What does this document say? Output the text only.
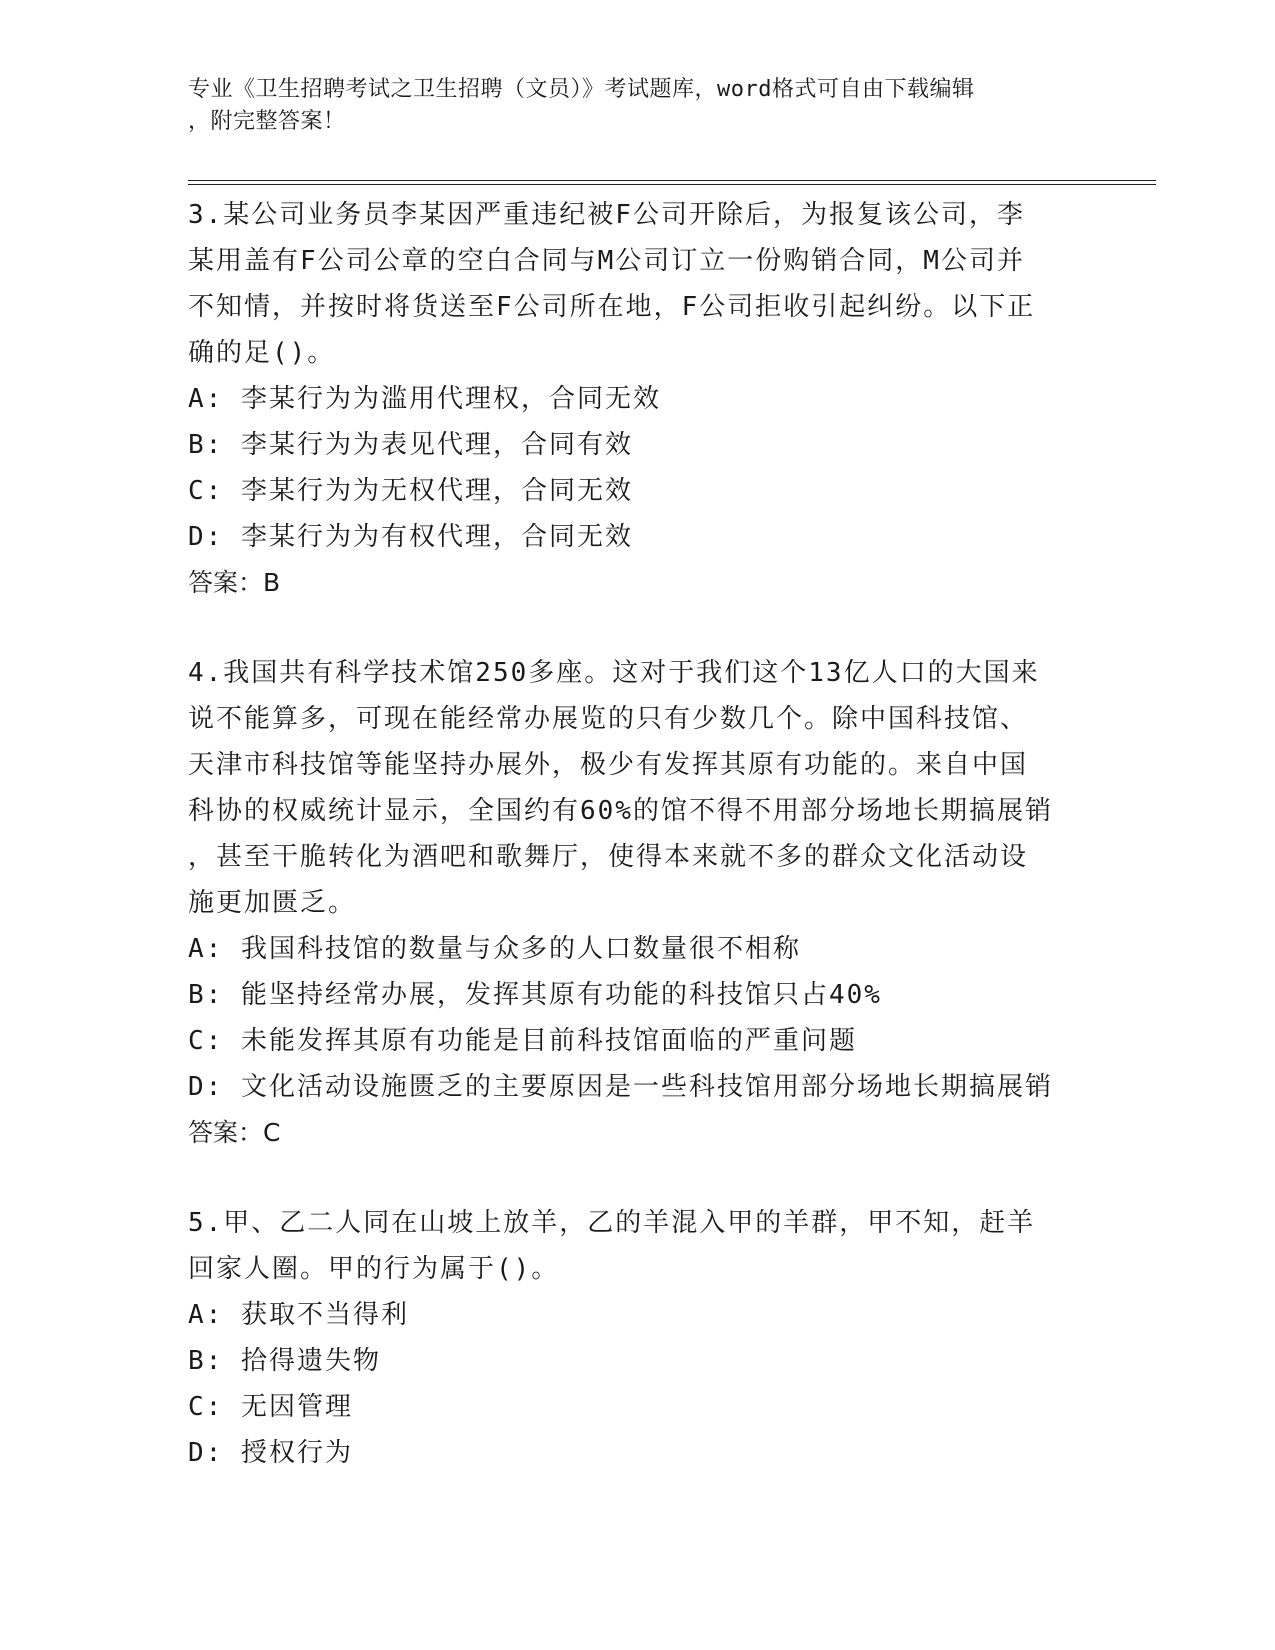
专业《卫生招聘考试之卫生招聘（文员）》考试题库，word格式可自由下载编辑
，附完整答案！

3.某公司业务员李某因严重违纪被F公司开除后，为报复该公司，李
某用盖有F公司公章的空白合同与M公司订立一份购销合同，M公司并
不知情，并按时将货送至F公司所在地，F公司拒收引起纠纷。以下正
确的足()。

A: 李某行为为滥用代理权，合同无效

B: 李某行为为表见代理，合同有效

C: 李某行为为无权代理，合同无效

D: 李某行为为有权代理，合同无效

答案：B

4.我国共有科学技术馆250多座。这对于我们这个13亿人口的大国来
说不能算多，可现在能经常办展览的只有少数几个。除中国科技馆、
天津市科技馆等能坚持办展外，极少有发挥其原有功能的。来自中国
科协的权威统计显示，全国约有60%的馆不得不用部分场地长期搞展销
，甚至干脆转化为酒吧和歌舞厅，使得本来就不多的群众文化活动设
施更加匮乏。

A: 我国科技馆的数量与众多的人口数量很不相称

B: 能坚持经常办展，发挥其原有功能的科技馆只占40%

C: 未能发挥其原有功能是目前科技馆面临的严重问题

D: 文化活动设施匮乏的主要原因是一些科技馆用部分场地长期搞展销

答案：C

5.甲、乙二人同在山坡上放羊，乙的羊混入甲的羊群，甲不知，赶羊
回家人圈。甲的行为属于()。

A: 获取不当得利

B: 拾得遗失物

C: 无因管理

D: 授权行为
